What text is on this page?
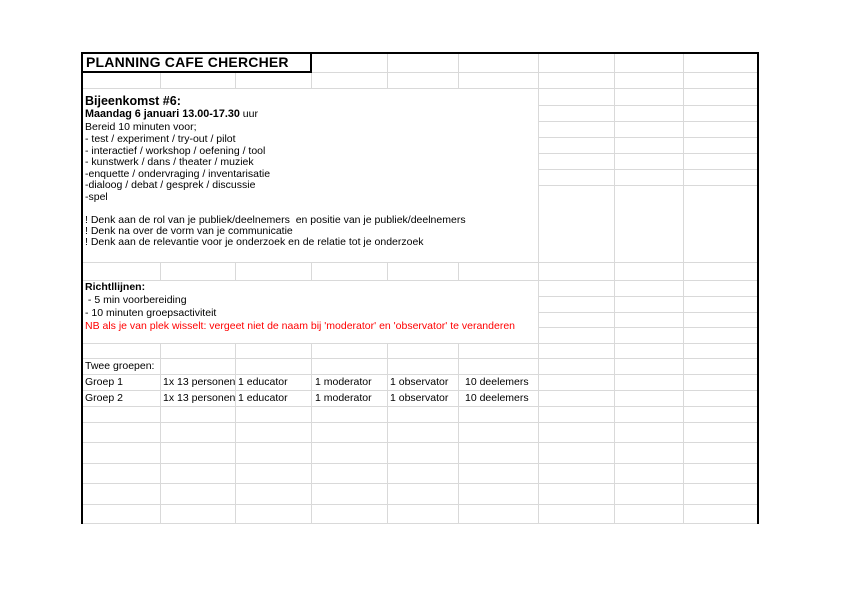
PLANNING CAFE CHERCHER
Bijeenkomst #6:
Maandag 6 januari 13.00-17.30 uur
Bereid 10 minuten voor;
- test / experiment / try-out / pilot
- interactief / workshop / oefening / tool
- kunstwerk / dans / theater / muziek
-enquette / ondervraging / inventarisatie
-dialoog / debat / gesprek / discussie
-spel
! Denk aan de rol van je publiek/deelnemers  en positie van je publiek/deelnemers
! Denk na over de vorm van je communicatie
! Denk aan de relevantie voor je onderzoek en de relatie tot je onderzoek
Richtllijnen:
- 5 min voorbereiding
- 10 minuten groepsactiviteit
NB als je van plek wisselt: vergeet niet de naam bij 'moderator' en 'observator' te veranderen
Twee groepen:
Groep 1	1x 13 personen 1 educator	1 moderator 1 observator 10 deelemers
Groep 2	1x 13 personen 1 educator	1 moderator 1 observator 10 deelemers
